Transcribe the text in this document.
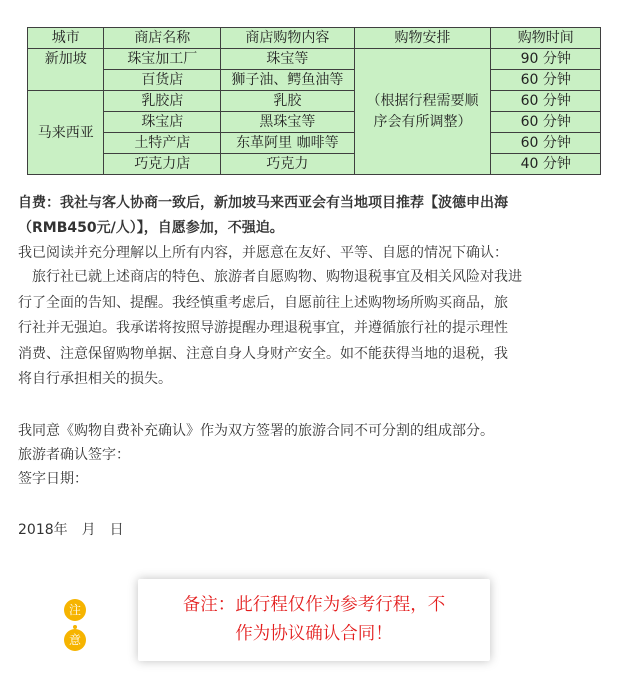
城市	商店名称	商店购物内容	购物安排	购物时间
新加坡	珠宝加工厂	珠宝等	（根据行程需要顺序会有所调整）	90 分钟
	百货店	狮子油、鳄鱼油等		60 分钟
马来西亚	乳胶店	乳胶		60 分钟
	珠宝店	黑珠宝等		60 分钟
	土特产店	东革阿里 咖啡等		60 分钟
	巧克力店	巧克力		40 分钟
自费：我社与客人协商一致后，新加坡马来西亚会有当地项目推荐【波德申出海
（RMB450元/人）】，自愿参加，不强迫。
我已阅读并充分理解以上所有内容，并愿意在友好、平等、自愿的情况下确认：
　旅行社已就上述商店的特色、旅游者自愿购物、购物退税事宜及相关风险对我进
行了全面的告知、提醒。我经慎重考虑后，自愿前往上述购物场所购买商品，旅
行社并无强迫。我承诺将按照导游提醒办理退税事宜，并遵循旅行社的提示理性
消费、注意保留购物单据、注意自身人身财产安全。如不能获得当地的退税，我
将自行承担相关的损失。
我同意《购物自费补充确认》作为双方签署的旅游合同不可分割的组成部分。
旅游者确认签字：
签字日期：
2018年　月　日
注
意
备注：此行程仅作为参考行程，不
作为协议确认合同！
